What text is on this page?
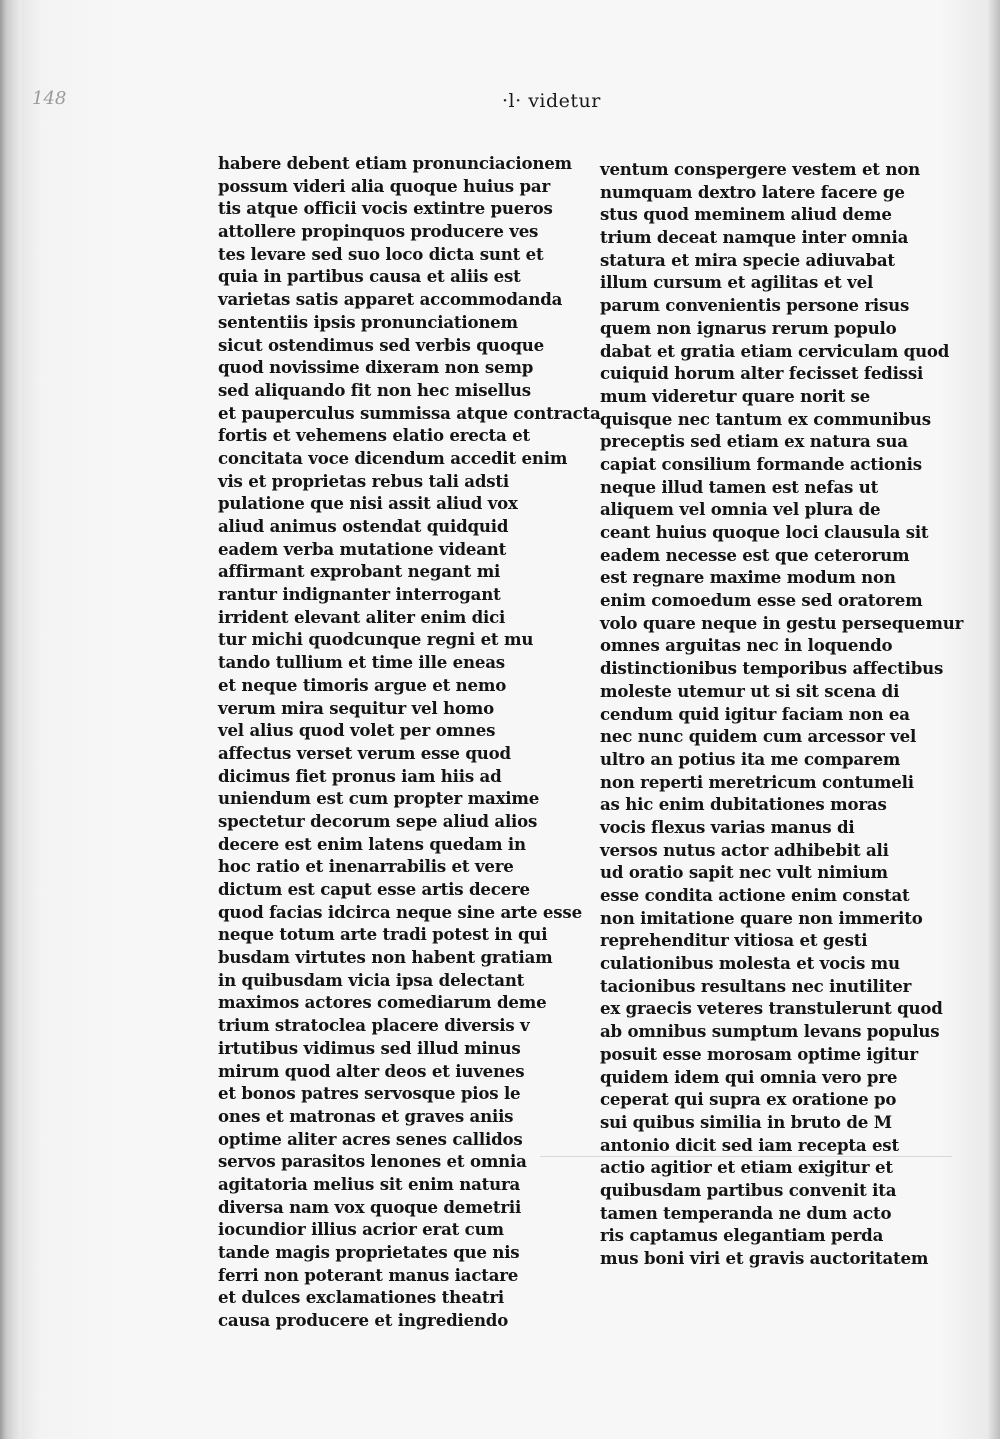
148	·l· videtur
habere debent etiam pronunciacionem
possum videri alia quoque huius par
tis atque officii vocis extintre pueros
attollere propinquos producere ves
tes levare sed suo loco dicta sunt et
quia in partibus causa et aliis est
varietas satis apparet accommodanda
sententiis ipsis pronunciationem
sicut ostendimus sed verbis quoque
quod novissime dixeram non semp
sed aliquando fit non hec misellus
et pauperculus summissa atque contracta
fortis et vehemens elatio erecta et
concitata voce dicendum accedit enim
vis et proprietas rebus tali adsti
pulatione que nisi assit aliud vox
aliud animus ostendat quidquid
eadem verba mutatione videant
affirmant exprobant negant mi
rantur indignanter interrogant
irrident elevant aliter enim dici
tur michi quodcunque regni et mu
tando tullium et time ille eneas
et neque timoris argue et nemo
verum mira sequitur vel homo
vel alius quod volet per omnes
affectus verset verum esse quod
dicimus fiet pronus iam hiis ad
uniendum est cum propter maxime
spectetur decorum sepe aliud alios
decere est enim latens quedam in
hoc ratio et inenarrabilis et vere
dictum est caput esse artis decere
quod facias idcirca neque sine arte esse
neque totum arte tradi potest in qui
busdam virtutes non habent gratiam
in quibusdam vicia ipsa delectant
maximos actores comediarum deme
trium stratoclea placere diversis v
irtutibus vidimus sed illud minus
mirum quod alter deos et iuvenes
et bonos patres servosque pios le
ones et matronas et graves aniis
optime aliter acres senes callidos
servos parasitos lenones et omnia
agitatoria melius sit enim natura
diversa nam vox quoque demetrii
iocundior illius acrior erat cum
tande magis proprietates que nis
ferri non poterant manus iactare
et dulces exclamationes theatri
causa producere et ingrediendo
ventum conspergere vestem et non
numquam dextro latere facere ge
stus quod meminem aliud deme
trium deceat namque inter omnia
statura et mira specie adiuvabat
illum cursum et agilitas et vel
parum convenientis persone risus
quem non ignarus rerum populo
dabat et gratia etiam cerviculam quod
cuiquid horum alter fecisset fedissi
mum videretur quare norit se
quisque nec tantum ex communibus
preceptis sed etiam ex natura sua
capiat consilium formande actionis
neque illud tamen est nefas ut
aliquem vel omnia vel plura de
ceant huius quoque loci clausula sit
eadem necesse est que ceterorum
est regnare maxime modum non
enim comoedum esse sed oratorem
volo quare neque in gestu persequemur
omnes arguitas nec in loquendo
distinctionibus temporibus affectibus
moleste utemur ut si sit scena di
cendum quid igitur faciam non ea
nec nunc quidem cum arcessor vel
ultro an potius ita me comparem
non reperti meretricum contumeli
as hic enim dubitationes moras
vocis flexus varias manus di
versos nutus actor adhibebit ali
ud oratio sapit nec vult nimium
esse condita actione enim constat
non imitatione quare non immerito
reprehenditur vitiosa et gesti
culationibus molesta et vocis mu
tacionibus resultans nec inutiliter
ex graecis veteres transtulerunt quod
ab omnibus sumptum levans populus
posuit esse morosam optime igitur
quidem idem qui omnia vero pre
ceperat qui supra ex oratione po
sui quibus similia in bruto de M
antonio dicit sed iam recepta est
actio agitior et etiam exigitur et
quibusdam partibus convenit ita
tamen temperanda ne dum acto
ris captamus elegantiam perda
mus boni viri et gravis auctoritatem
